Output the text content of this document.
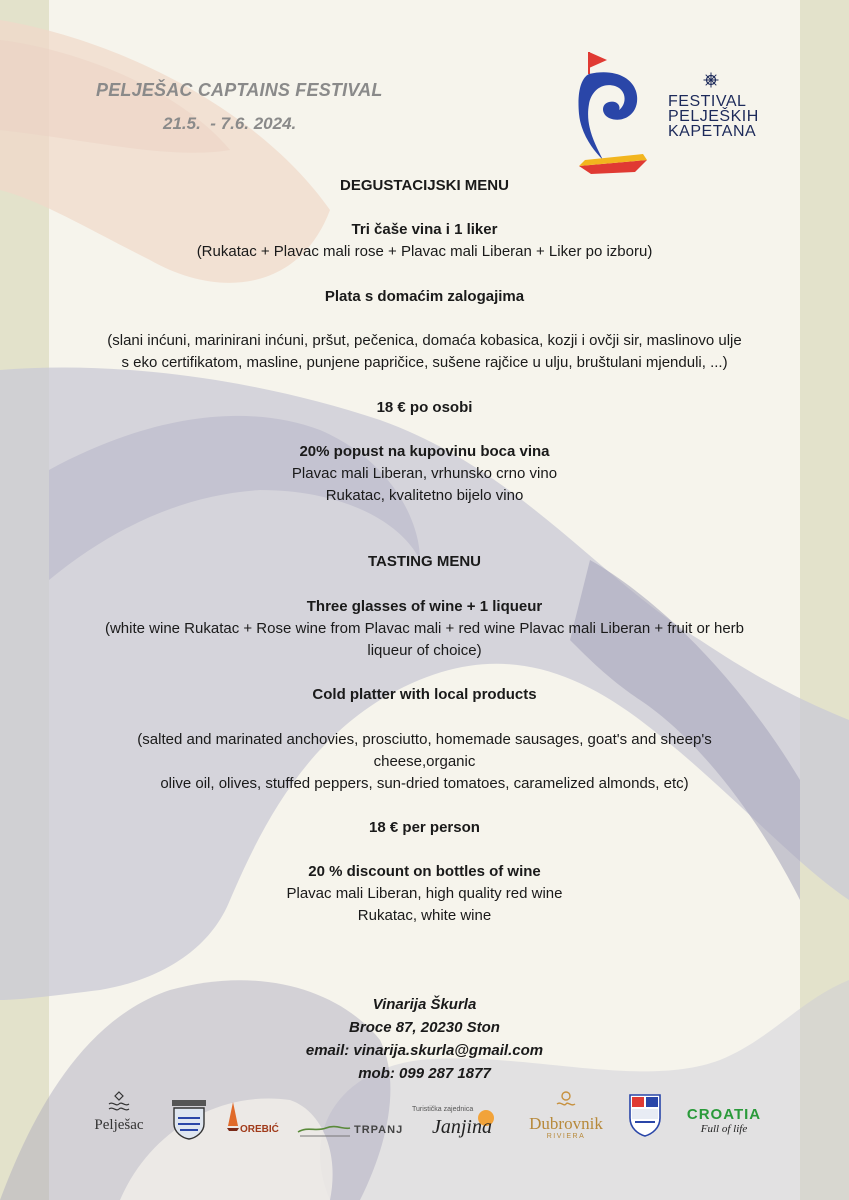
PELJEŠAC CAPTAINS FESTIVAL
21.5.  - 7.6. 2024.
FESTIVAL
PELJEŠKIH
KAPETANA
DEGUSTACIJSKI MENU
Tri čaše vina i 1 liker
(Rukatac + Plavac mali rose + Plavac mali Liberan + Liker po izboru)
Plata s domaćim zalogajima
(slani inćuni, marinirani inćuni, pršut, pečenica, domaća kobasica, kozji i ovčji sir, maslinovo ulje
s eko certifikatom, masline, punjene papričice, sušene rajčice u ulju, bruštulani mjenduli, ...)
18 € po osobi
20% popust na kupovinu boca vina
Plavac mali Liberan, vrhunsko crno vino
Rukatac, kvalitetno bijelo vino
TASTING MENU
Three glasses of wine + 1 liqueur
(white wine Rukatac + Rose wine from Plavac mali + red wine Plavac mali Liberan + fruit or herb
liqueur of choice)
Cold platter with local products
(salted and marinated anchovies, prosciutto, homemade sausages, goat's and sheep's
cheese,organic
olive oil, olives, stuffed peppers, sun-dried tomatoes, caramelized almonds, etc)
18 € per person
20 % discount on bottles of wine
Plavac mali Liberan, high quality red wine
Rukatac, white wine
Vinarija Škurla
Broce 87, 20230 Ston
email: vinarija.skurla@gmail.com
mob: 099 287 1877
Pelješac	OREBIĆ	TRPANJ
Turistička zajednica
Janjina	Dubrovnik
RIVIERA
CROATIA
Full of life
